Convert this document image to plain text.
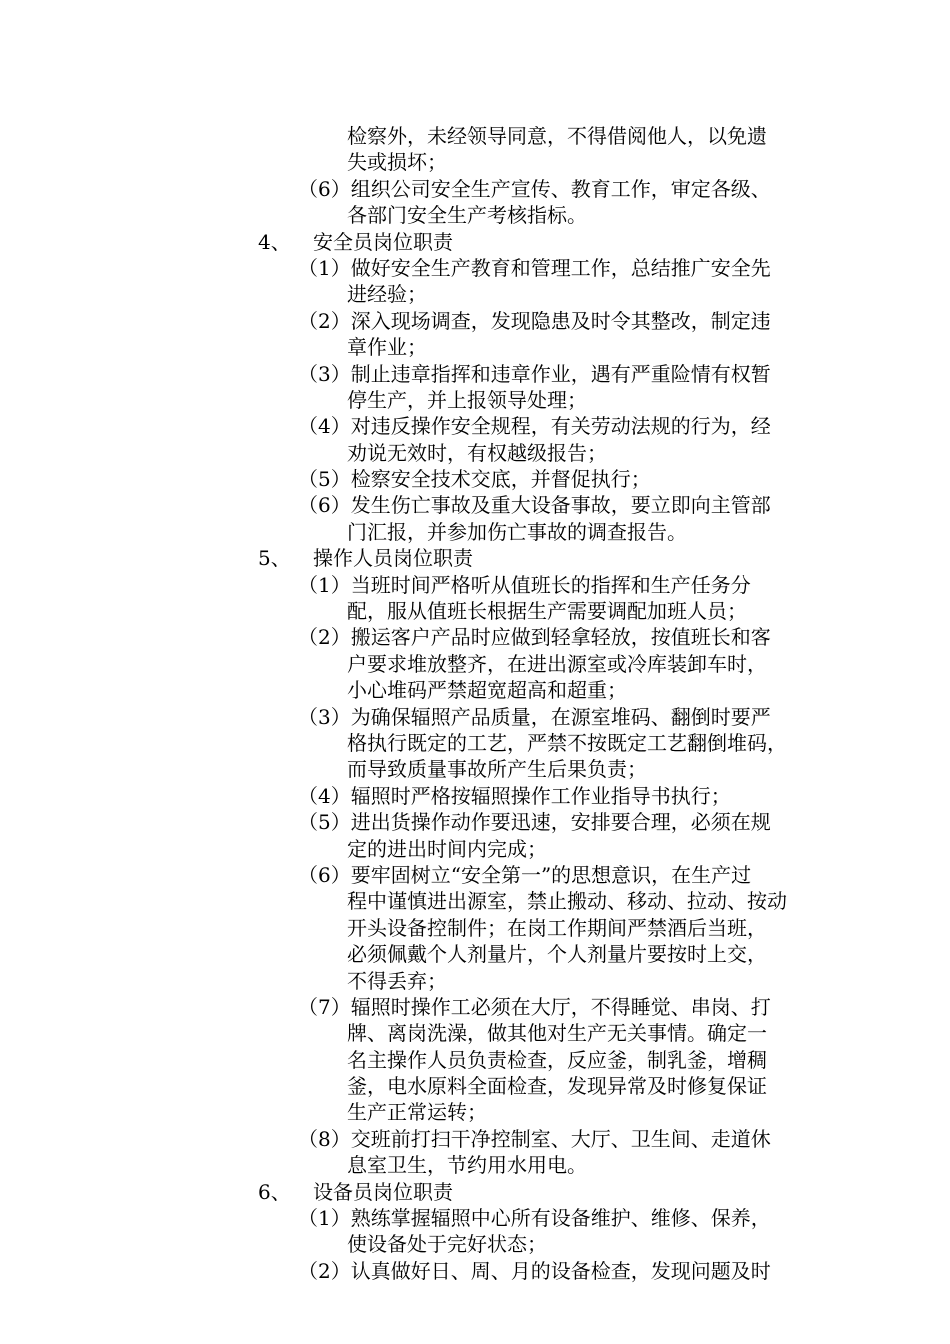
检察外，未经领导同意，不得借阅他人，以免遗
失或损坏；
（6）组织公司安全生产宣传、教育工作，审定各级、
各部门安全生产考核指标。
4、 安全员岗位职责
（1）做好安全生产教育和管理工作，总结推广安全先
进经验；
（2）深入现场调查，发现隐患及时令其整改，制定违
章作业；
（3）制止违章指挥和违章作业，遇有严重险情有权暂
停生产，并上报领导处理；
（4）对违反操作安全规程，有关劳动法规的行为，经
劝说无效时，有权越级报告；
（5）检察安全技术交底，并督促执行；
（6）发生伤亡事故及重大设备事故，要立即向主管部
门汇报，并参加伤亡事故的调查报告。
5、 操作人员岗位职责
（1）当班时间严格听从值班长的指挥和生产任务分
配，服从值班长根据生产需要调配加班人员；
（2）搬运客户产品时应做到轻拿轻放，按值班长和客
户要求堆放整齐，在进出源室或冷库装卸车时，
小心堆码严禁超宽超高和超重；
（3）为确保辐照产品质量，在源室堆码、翻倒时要严
格执行既定的工艺，严禁不按既定工艺翻倒堆码，
而导致质量事故所产生后果负责；
（4）辐照时严格按辐照操作工作业指导书执行；
（5）进出货操作动作要迅速，安排要合理，必须在规
定的进出时间内完成；
（6）要牢固树立“安全第一”的思想意识，在生产过
程中谨慎进出源室，禁止搬动、移动、拉动、按动
开头设备控制件；在岗工作期间严禁酒后当班，
必须佩戴个人剂量片，个人剂量片要按时上交，
不得丢弃；
（7）辐照时操作工必须在大厅，不得睡觉、串岗、打
牌、离岗洗澡，做其他对生产无关事情。确定一
名主操作人员负责检查，反应釜，制乳釜，增稠
釜，电水原料全面检查，发现异常及时修复保证
生产正常运转；
（8）交班前打扫干净控制室、大厅、卫生间、走道休
息室卫生，节约用水用电。
6、 设备员岗位职责
（1）熟练掌握辐照中心所有设备维护、维修、保养，
使设备处于完好状态；
（2）认真做好日、周、月的设备检查，发现问题及时
